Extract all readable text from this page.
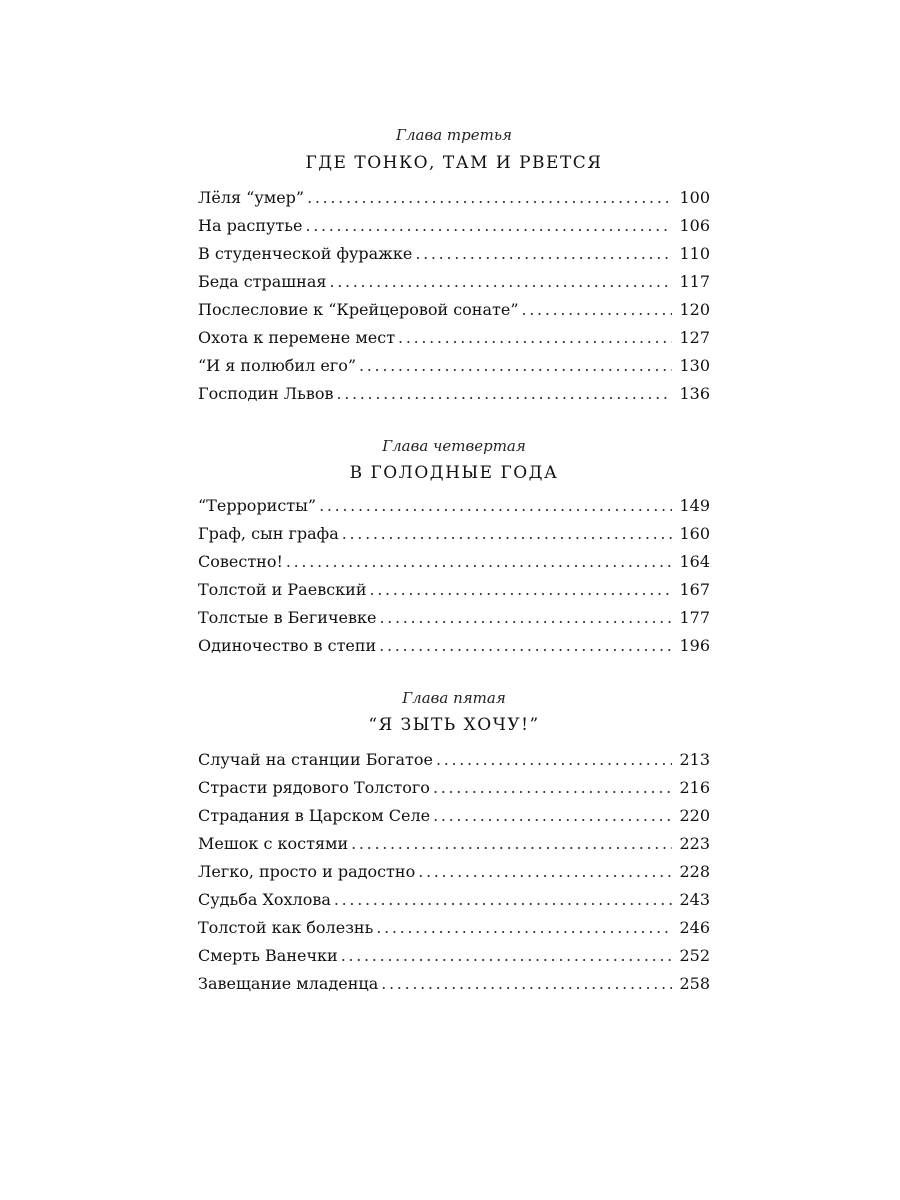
Глава третья
ГДЕ ТОНКО, ТАМ И РВЕТСЯ
Лёля “умер” . . .	100
На распутье . . .	106
В студенческой фуражке . . .	110
Беда страшная . . .	117
Послесловие к “Крейцеровой сонате” . . .	120
Охота к перемене мест . . .	127
“И я полюбил его” . . .	130
Господин Львов . . .	136
Глава четвертая
В ГОЛОДНЫЕ ГОДА
“Террористы” . . .	149
Граф, сын графа . . .	160
Совестно! . . .	164
Толстой и Раевский . . .	167
Толстые в Бегичевке . . .	177
Одиночество в степи . . .	196
Глава пятая
“Я ЗЫТЬ ХОЧУ!”
Случай на станции Богатое . . .	213
Страсти рядового Толстого . . .	216
Страдания в Царском Селе . . .	220
Мешок с костями . . .	223
Легко, просто и радостно . . .	228
Судьба Хохлова . . .	243
Толстой как болезнь . . .	246
Смерть Ванечки . . .	252
Завещание младенца . . .	258
